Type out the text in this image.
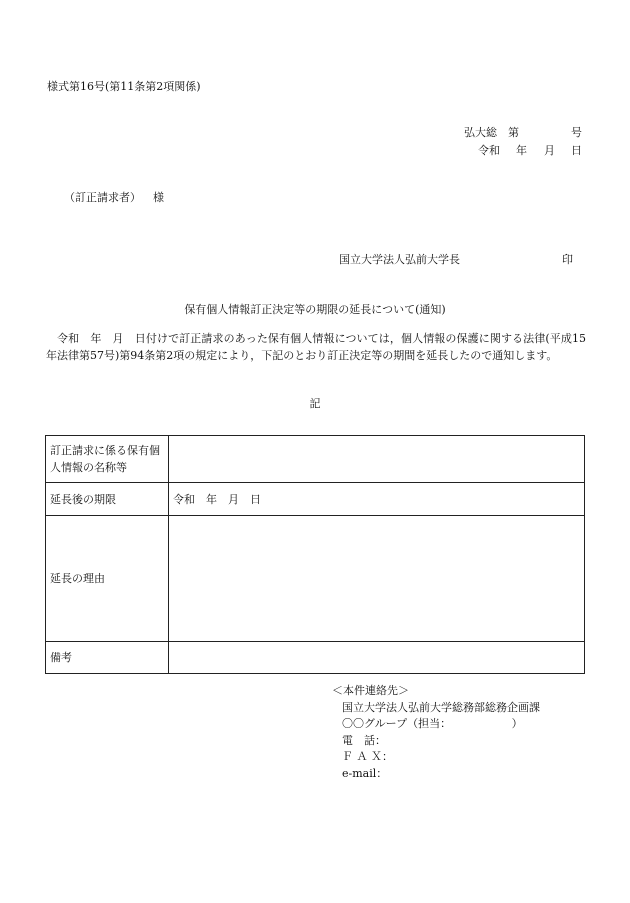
様式第16号(第11条第2項関係)
弘大総 第	号
令和 年 月 日
（訂正請求者） 様
国立大学法人弘前大学長	印
保有個人情報訂正決定等の期限の延長について(通知)
令和　年　月　日付けで訂正請求のあった保有個人情報については，個人情報の保護に関する法律(平成15年法律第57号)第94条第2項の規定により，下記のとおり訂正決定等の期間を延長したので通知します。
記
訂正請求に係る保有個人情報の名称等	
延長後の期限	令和　年　月　日
延長の理由	
備考	
＜本件連絡先＞
国立大学法人弘前大学総務部総務企画課
〇〇グループ（担当：　　　　　　）
電　話：
Ｆ Ａ Ｘ：
e-mail：
